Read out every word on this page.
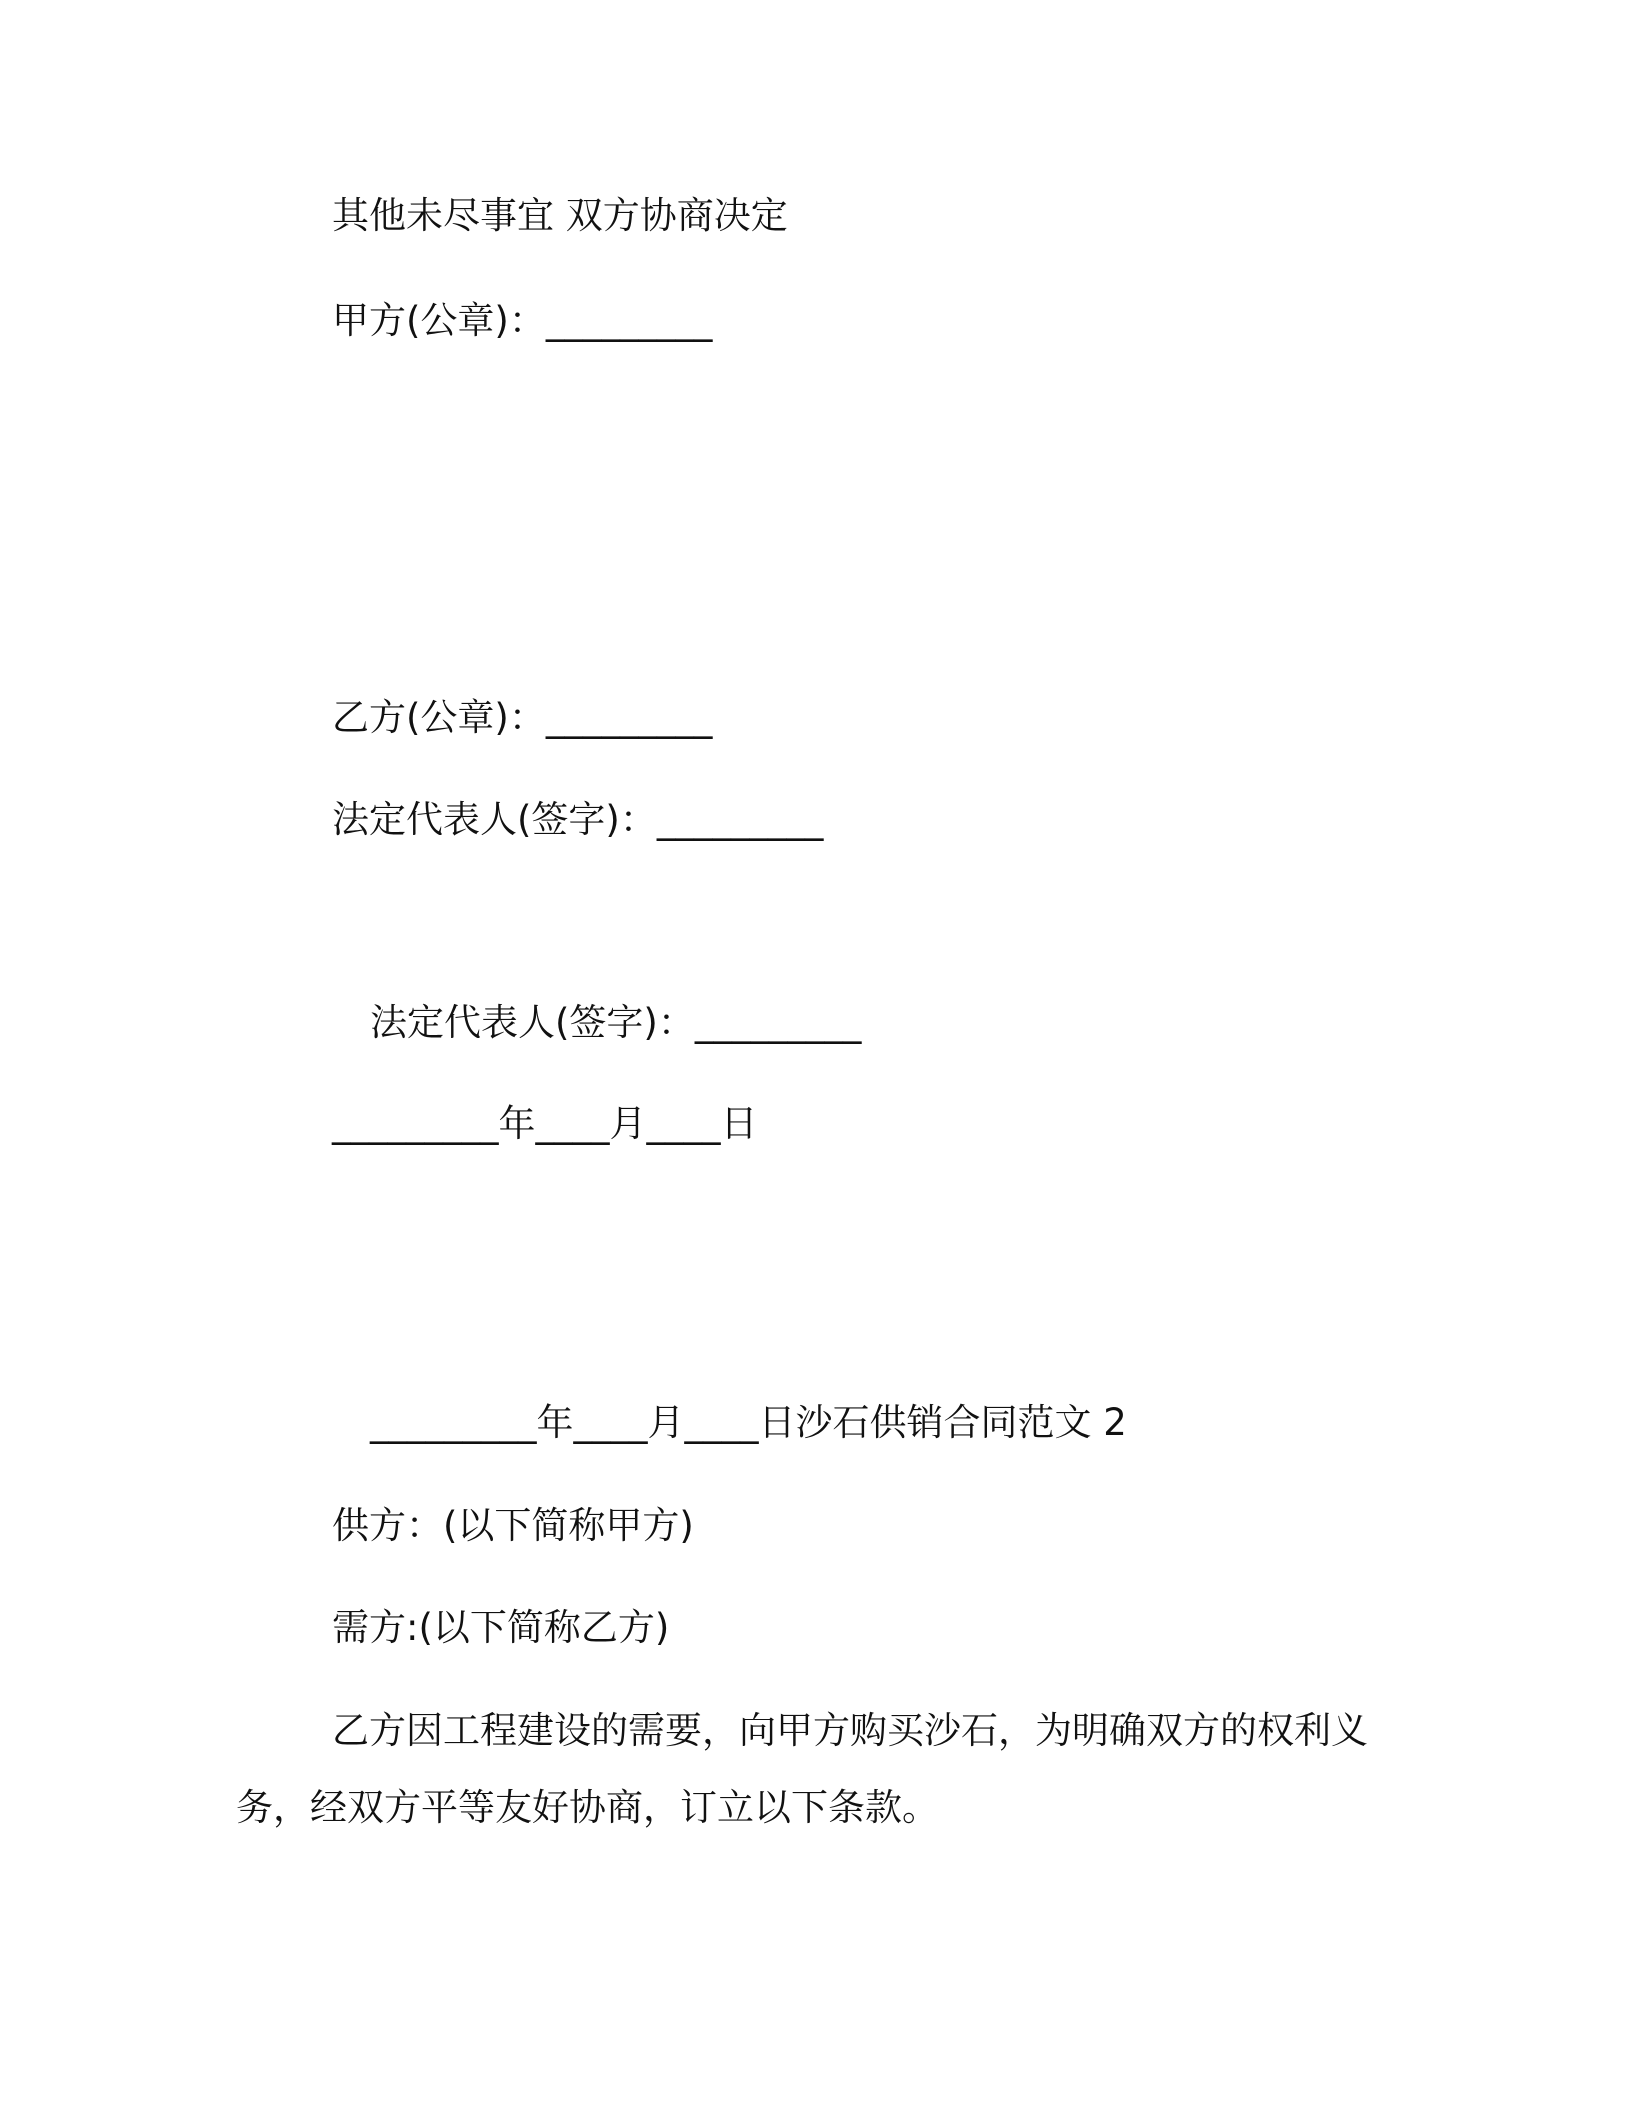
其他未尽事宜 双方协商决定
甲方(公章)：_________
乙方(公章)：_________
法定代表人(签字)：_________
法定代表人(签字)：_________
_________年____月____日
_________年____月____日沙石供销合同范文 2
供方：(以下简称甲方)
需方:(以下简称乙方)
乙方因工程建设的需要，向甲方购买沙石，为明确双方的权利义务，经双方平等友好协商，订立以下条款。
